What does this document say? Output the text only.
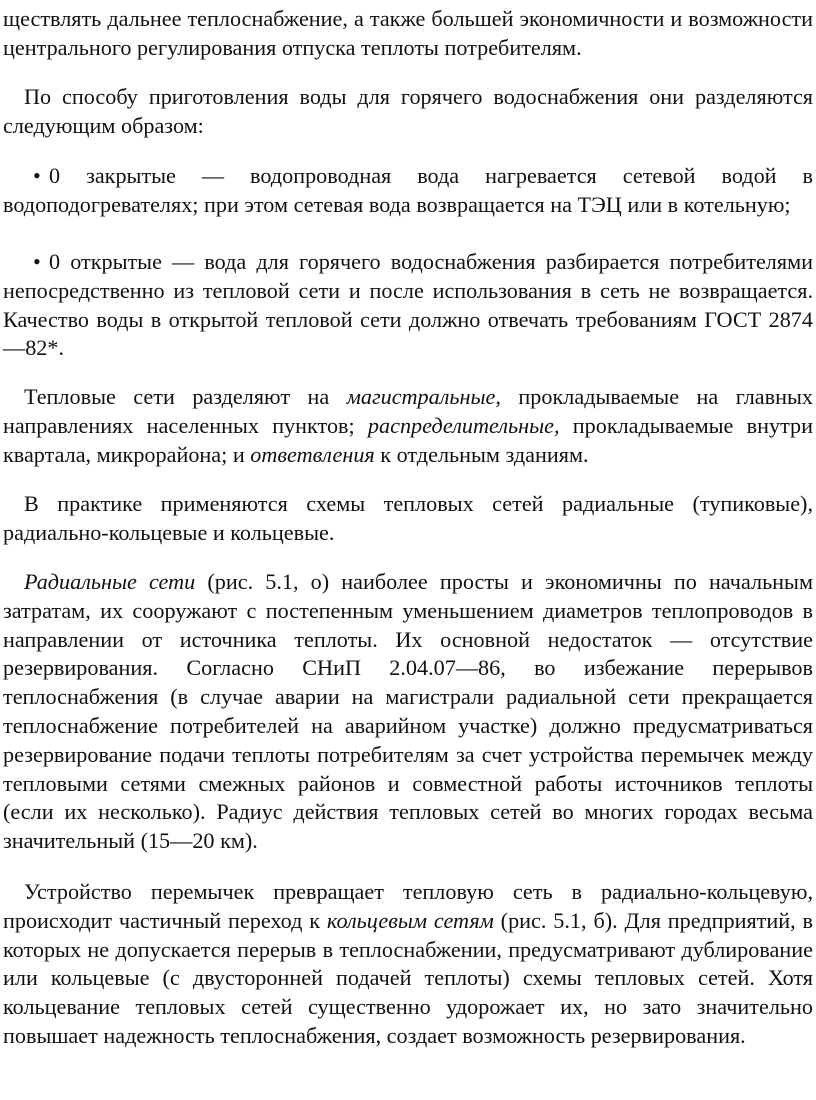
ществлять дальнее теплоснабжение, а также большей экономичности и возможности центрального регулирования отпуска теплоты потребителям.

По способу приготовления воды для горячего водоснабжения они разделяются следующим образом:

• 0 закрытые — водопроводная вода нагревается сетевой водой в водоподогревателях; при этом сетевая вода возвращается на ТЭЦ или в котельную;

• 0 открытые — вода для горячего водоснабжения разбирается потребителями непосредственно из тепловой сети и после использования в сеть не возвращается. Качество воды в открытой тепловой сети должно отвечать требованиям ГОСТ 2874—82*.

Тепловые сети разделяют на магистральные, прокладываемые на главных направлениях населенных пунктов; распределительные, прокладываемые внутри квартала, микрорайона; и ответвления к отдельным зданиям.

В практике применяются схемы тепловых сетей радиальные (тупиковые), радиально-кольцевые и кольцевые.

Радиальные сети (рис. 5.1, о) наиболее просты и экономичны по начальным затратам, их сооружают с постепенным уменьшением диаметров теплопроводов в направлении от источника теплоты. Их основной недостаток — отсутствие резервирования. Согласно СНиП 2.04.07—86, во избежание перерывов теплоснабжения (в случае аварии на магистрали радиальной сети прекращается теплоснабжение потребителей на аварийном участке) должно предусматриваться резервирование подачи теплоты потребителям за счет устройства перемычек между тепловыми сетями смежных районов и совместной работы источников теплоты (если их несколько). Радиус действия тепловых сетей во многих городах весьма значительный (15—20 км).

Устройство перемычек превращает тепловую сеть в радиально-кольцевую, происходит частичный переход к кольцевым сетям (рис. 5.1, б). Для предприятий, в которых не допускается перерыв в теплоснабжении, предусматривают дублирование или кольцевые (с двусторонней подачей теплоты) схемы тепловых сетей. Хотя кольцевание тепловых сетей существенно удорожает их, но зато значительно повышает надежность теплоснабжения, создает возможность резервирования.
